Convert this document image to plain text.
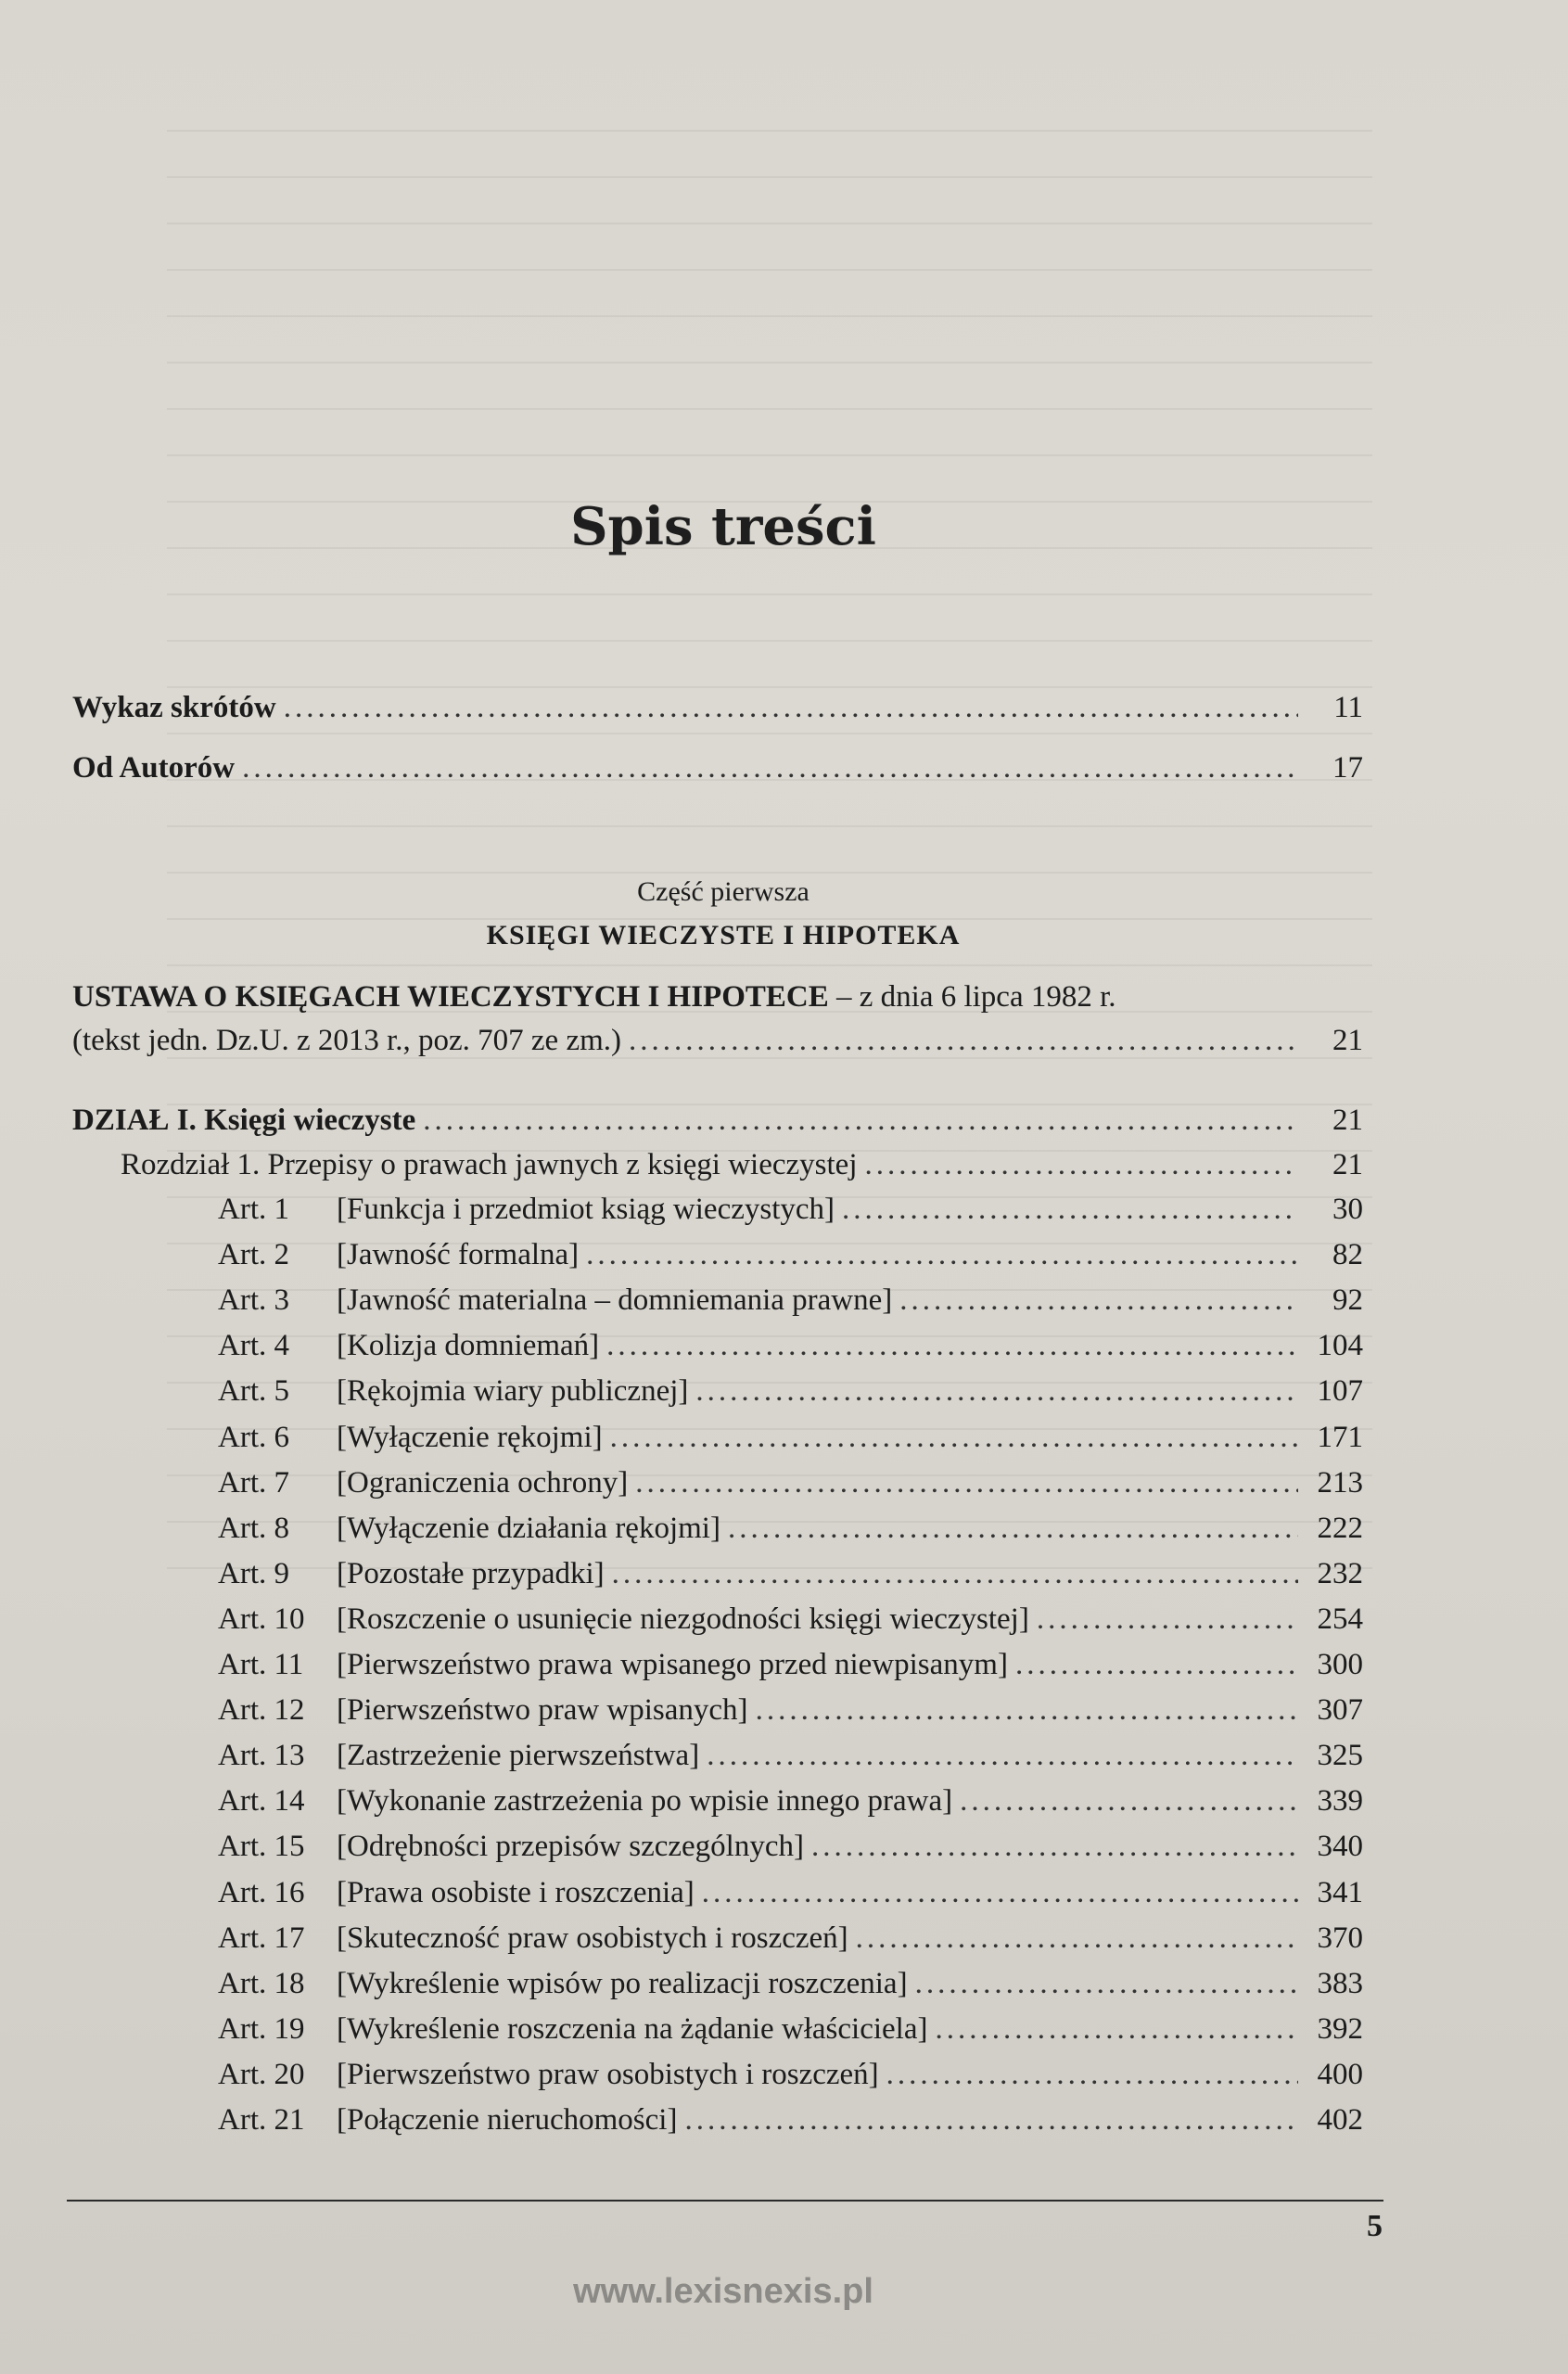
Spis treści
Wykaz skrótów .....	11
Od Autorów .....	17
Część pierwsza
KSIĘGI WIECZYSTE I HIPOTEKA
USTAWA O KSIĘGACH WIECZYSTYCH I HIPOTECE – z dnia 6 lipca 1982 r.
(tekst jedn. Dz.U. z 2013 r., poz. 707 ze zm.) .....	21
DZIAŁ I. Księgi wieczyste .....	21
Rozdział 1. Przepisy o prawach jawnych z księgi wieczystej .....	21
Art. 1	[Funkcja i przedmiot ksiąg wieczystych] .....	30
Art. 2	[Jawność formalna] .....	82
Art. 3	[Jawność materialna – domniemania prawne] .....	92
Art. 4	[Kolizja domniemań] .....	104
Art. 5	[Rękojmia wiary publicznej] .....	107
Art. 6	[Wyłączenie rękojmi] .....	171
Art. 7	[Ograniczenia ochrony] .....	213
Art. 8	[Wyłączenie działania rękojmi] .....	222
Art. 9	[Pozostałe przypadki] .....	232
Art. 10	[Roszczenie o usunięcie niezgodności księgi wieczystej] .....	254
Art. 11	[Pierwszeństwo prawa wpisanego przed niewpisanym] .....	300
Art. 12	[Pierwszeństwo praw wpisanych] .....	307
Art. 13	[Zastrzeżenie pierwszeństwa] .....	325
Art. 14	[Wykonanie zastrzeżenia po wpisie innego prawa] .....	339
Art. 15	[Odrębności przepisów szczególnych] .....	340
Art. 16	[Prawa osobiste i roszczenia] .....	341
Art. 17	[Skuteczność praw osobistych i roszczeń] .....	370
Art. 18	[Wykreślenie wpisów po realizacji roszczenia] .....	383
Art. 19	[Wykreślenie roszczenia na żądanie właściciela] .....	392
Art. 20	[Pierwszeństwo praw osobistych i roszczeń] .....	400
Art. 21	[Połączenie nieruchomości] .....	402
5
www.lexisnexis.pl
